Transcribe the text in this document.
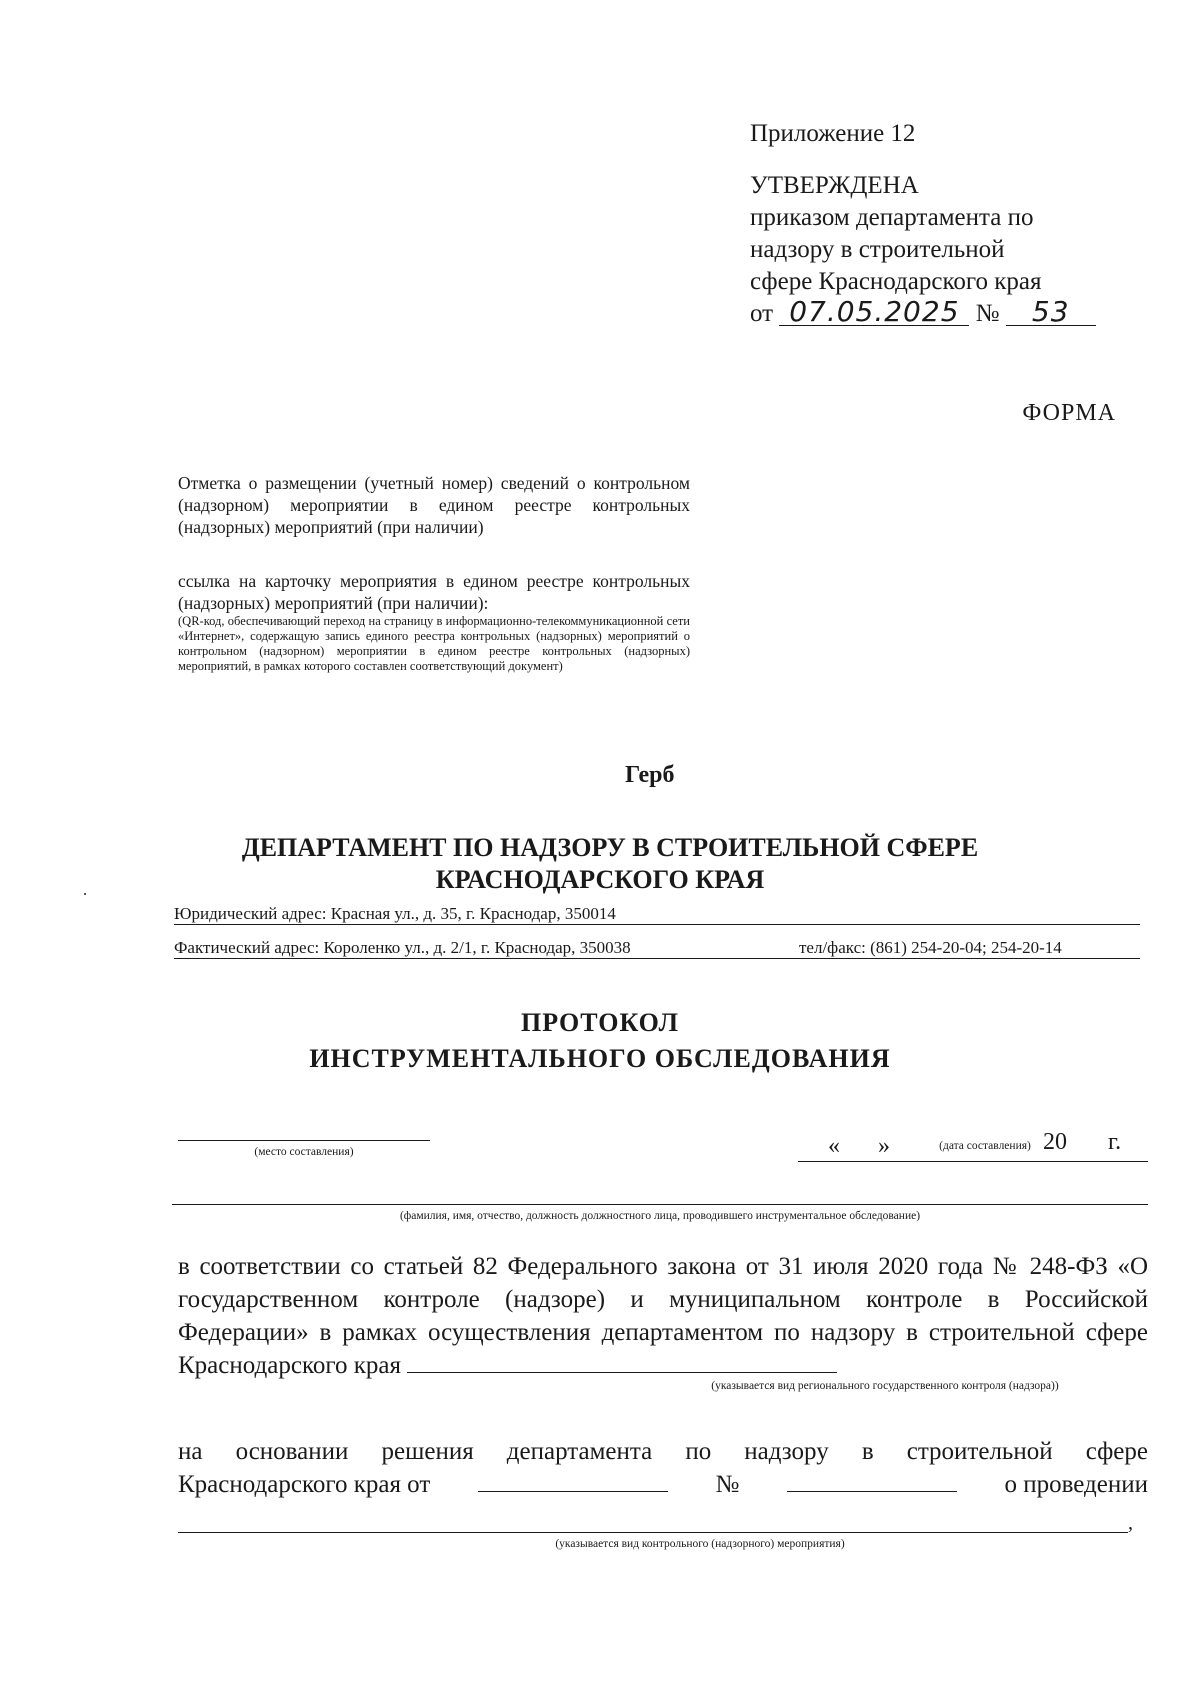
Приложение 12
УТВЕРЖДЕНА
приказом департамента по
надзору в строительной
сфере Краснодарского края
от 07.05.2025 № 53
ФОРМА
Отметка о размещении (учетный номер) сведений о контрольном (надзорном) мероприятии в едином реестре контрольных (надзорных) мероприятий (при наличии)
ссылка на карточку мероприятия в едином реестре контрольных (надзорных) мероприятий (при наличии):
(QR-код, обеспечивающий переход на страницу в информационно-телекоммуникационной сети «Интернет», содержащую запись единого реестра контрольных (надзорных) мероприятий о контрольном (надзорном) мероприятии в едином реестре контрольных (надзорных) мероприятий, в рамках которого составлен соответствующий документ)
Герб
ДЕПАРТАМЕНТ ПО НАДЗОРУ В СТРОИТЕЛЬНОЙ СФЕРЕ
КРАСНОДАРСКОГО КРАЯ
Юридический адрес: Красная ул., д. 35, г. Краснодар, 350014
Фактический адрес: Короленко ул., д. 2/1, г. Краснодар, 350038	тел/факс: (861) 254-20-04; 254-20-14
ПРОТОКОЛ
ИНСТРУМЕНТАЛЬНОГО ОБСЛЕДОВАНИЯ
(место составления)	« »	20 г.
(дата составления)
(фамилия, имя, отчество, должность должностного лица, проводившего инструментальное обследование)
в соответствии со статьей 82 Федерального закона от 31 июля 2020 года № 248-ФЗ «О государственном контроле (надзоре) и муниципальном контроле в Российской Федерации» в рамках осуществления департаментом по надзору в строительной сфере Краснодарского края
(указывается вид регионального государственного контроля (надзора))
на основании решения департамента по надзору в строительной сфере
Краснодарского края от	№	о проведении
,
(указывается вид контрольного (надзорного) мероприятия)
